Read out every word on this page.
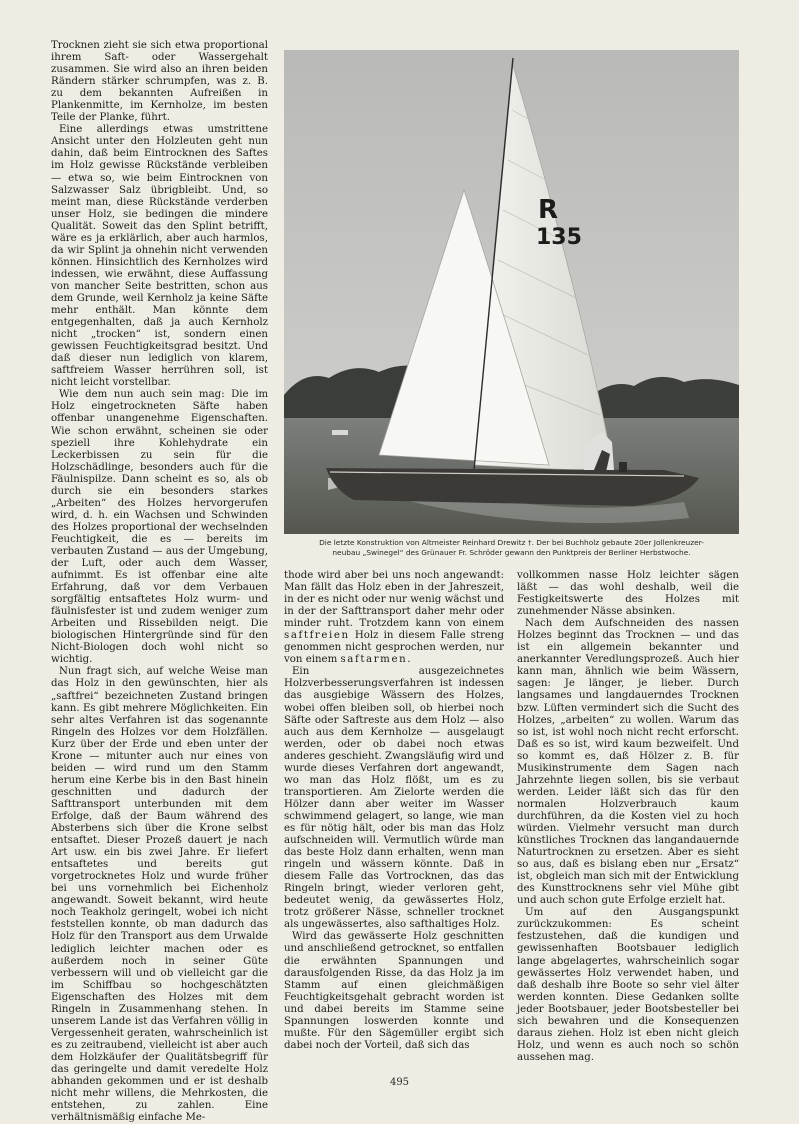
Trocknen zieht sie sich etwa proportional ihrem Saft- oder Wassergehalt zusammen. Sie wird also an ihren beiden Rändern stärker schrumpfen, was z. B. zu dem bekannten Aufreißen in Plankenmitte, im Kernholze, im besten Teile der Planke, führt.

Eine allerdings etwas umstrittene Ansicht unter den Holzleuten geht nun dahin, daß beim Eintrocknen des Saftes im Holz gewisse Rückstände verbleiben — etwa so, wie beim Eintrocknen von Salzwasser Salz übrigbleibt. Und, so meint man, diese Rückstände verderben unser Holz, sie bedingen die mindere Qualität. Soweit das den Splint betrifft, wäre es ja erklärlich, aber auch harmlos, da wir Splint ja ohnehin nicht verwenden können. Hinsichtlich des Kernholzes wird indessen, wie erwähnt, diese Auffassung von mancher Seite bestritten, schon aus dem Grunde, weil Kernholz ja keine Säfte mehr enthält. Man könnte dem entgegenhalten, daß ja auch Kernholz nicht „trocken“ ist, sondern einen gewissen Feuchtigkeitsgrad besitzt. Und daß dieser nun lediglich von klarem, saftfreiem Wasser herrühren soll, ist nicht leicht vorstellbar.

Wie dem nun auch sein mag: Die im Holz eingetrockneten Säfte haben offenbar unangenehme Eigenschaften. Wie schon erwähnt, scheinen sie oder speziell ihre Kohlehydrate ein Leckerbissen zu sein für die Holzschädlinge, besonders auch für die Fäulnispilze. Dann scheint es so, als ob durch sie ein besonders starkes „Arbeiten“ des Holzes hervorgerufen wird, d. h. ein Wachsen und Schwinden des Holzes proportional der wechselnden Feuchtigkeit, die es — bereits im verbauten Zustand — aus der Umgebung, der Luft, oder auch dem Wasser, aufnimmt. Es ist offenbar eine alte Erfahrung, daß vor dem Verbauen sorgfältig entsaftetes Holz wurm- und fäulnisfester ist und zudem weniger zum Arbeiten und Rissebilden neigt. Die biologischen Hintergründe sind für den Nicht-Biologen doch wohl nicht so wichtig.

Nun fragt sich, auf welche Weise man das Holz in den gewünschten, hier als „saftfrei“ bezeichneten Zustand bringen kann. Es gibt mehrere Möglichkeiten. Ein sehr altes Verfahren ist das sogenannte Ringeln des Holzes vor dem Holzfällen. Kurz über der Erde und eben unter der Krone — mitunter auch nur eines von beiden — wird rund um den Stamm herum eine Kerbe bis in den Bast hinein geschnitten und dadurch der Safttransport unterbunden mit dem Erfolge, daß der Baum während des Absterbens sich über die Krone selbst entsaftet. Dieser Prozeß dauert je nach Art usw. ein bis zwei Jahre. Er liefert entsaftetes und bereits gut vorgetrocknetes Holz und wurde früher bei uns vornehmlich bei Eichenholz angewandt. Soweit bekannt, wird heute noch Teakholz geringelt, wobei ich nicht feststellen konnte, ob man dadurch das Holz für den Transport aus dem Urwalde lediglich leichter machen oder es außerdem noch in seiner Güte verbessern will und ob vielleicht gar die im Schiffbau so hochgeschätzten Eigenschaften des Holzes mit dem Ringeln in Zusammenhang stehen. In unserem Lande ist das Verfahren völlig in Vergessenheit geraten, wahrscheinlich ist es zu zeitraubend, vielleicht ist aber auch dem Holzkäufer der Qualitätsbegriff für das geringelte und damit veredelte Holz abhanden gekommen und er ist deshalb nicht mehr willens, die Mehrkosten, die entstehen, zu zahlen. Eine verhältnismäßig einfache Me-

R
135
Die letzte Konstruktion von Altmeister Reinhard Drewitz †. Der bei Buchholz gebaute 20er Jollenkreuzer-
neubau „Swinegel“ des Grünauer Fr. Schröder gewann den Punktpreis der Berliner Herbstwoche.

thode wird aber bei uns noch angewandt: Man fällt das Holz eben in der Jahreszeit, in der es nicht oder nur wenig wächst und in der der Safttransport daher mehr oder minder ruht. Trotzdem kann von einem saftfreien Holz in diesem Falle streng genommen nicht gesprochen werden, nur von einem saftarmen.

Ein ausgezeichnetes Holzverbesserungsverfahren ist indessen das ausgiebige Wässern des Holzes, wobei offen bleiben soll, ob hierbei noch Säfte oder Saftreste aus dem Holz — also auch aus dem Kernholze — ausgelaugt werden, oder ob dabei noch etwas anderes geschieht. Zwangsläufig wird und wurde dieses Verfahren dort angewandt, wo man das Holz flößt, um es zu transportieren. Am Zielorte werden die Hölzer dann aber weiter im Wasser schwimmend gelagert, so lange, wie man es für nötig hält, oder bis man das Holz aufschneiden will. Vermutlich würde man das beste Holz dann erhalten, wenn man ringeln und wässern könnte. Daß in diesem Falle das Vortrocknen, das das Ringeln bringt, wieder verloren geht, bedeutet wenig, da gewässertes Holz, trotz größerer Nässe, schneller trocknet als ungewässertes, also safthaltiges Holz.

Wird das gewässerte Holz geschnitten und anschließend getrocknet, so entfallen die erwähnten Spannungen und darausfolgenden Risse, da das Holz ja im Stamm auf einen gleichmäßigen Feuchtigkeitsgehalt gebracht worden ist und dabei bereits im Stamme seine Spannungen loswerden konnte und mußte. Für den Sägemüller ergibt sich dabei noch der Vorteil, daß sich das

vollkommen nasse Holz leichter sägen läßt — das wohl deshalb, weil die Festigkeitswerte des Holzes mit zunehmender Nässe absinken.

Nach dem Aufschneiden des nassen Holzes beginnt das Trocknen — und das ist ein allgemein bekannter und anerkannter Veredlungsprozeß. Auch hier kann man, ähnlich wie beim Wässern, sagen: Je länger, je lieber. Durch langsames und langdauerndes Trocknen bzw. Lüften vermindert sich die Sucht des Holzes, „arbeiten“ zu wollen. Warum das so ist, ist wohl noch nicht recht erforscht. Daß es so ist, wird kaum bezweifelt. Und so kommt es, daß Hölzer z. B. für Musikinstrumente dem Sagen nach Jahrzehnte liegen sollen, bis sie verbaut werden. Leider läßt sich das für den normalen Holzverbrauch kaum durchführen, da die Kosten viel zu hoch würden. Vielmehr versucht man durch künstliches Trocknen das langandauernde Naturtrocknen zu ersetzen. Aber es sieht so aus, daß es bislang eben nur „Ersatz“ ist, obgleich man sich mit der Entwicklung des Kunsttrocknens sehr viel Mühe gibt und auch schon gute Erfolge erzielt hat.

Um auf den Ausgangspunkt zurückzukommen: Es scheint festzustehen, daß die kundigen und gewissenhaften Bootsbauer lediglich lange abgelagertes, wahrscheinlich sogar gewässertes Holz verwendet haben, und daß deshalb ihre Boote so sehr viel älter werden konnten. Diese Gedanken sollte jeder Bootsbauer, jeder Bootsbesteller bei sich bewahren und die Konsequenzen daraus ziehen. Holz ist eben nicht gleich Holz, und wenn es auch noch so schön aussehen mag.

495
